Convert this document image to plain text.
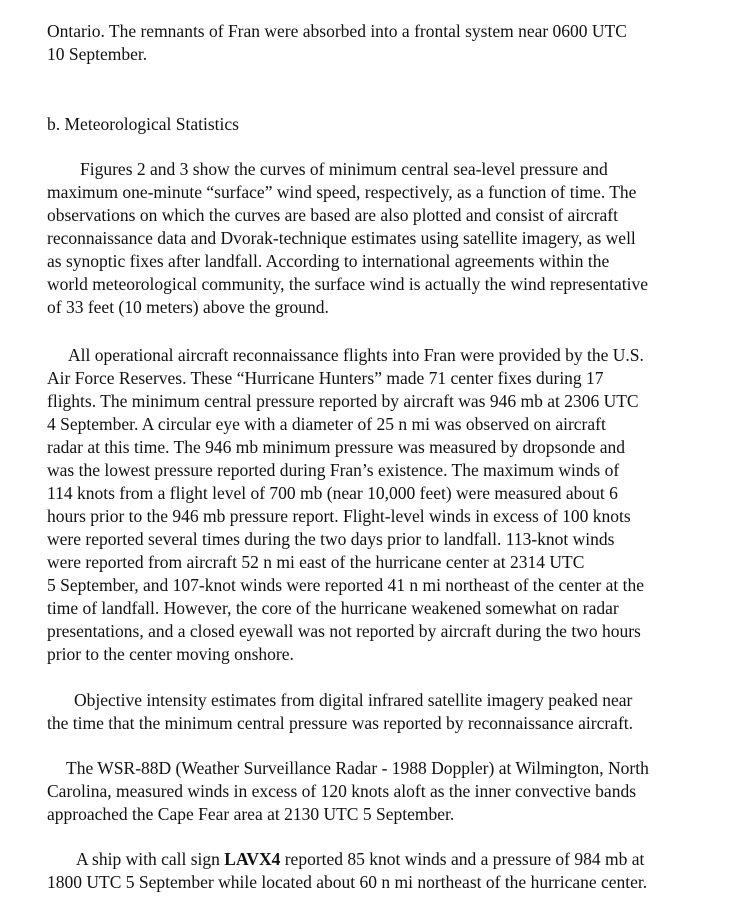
Ontario. The remnants of Fran were absorbed into a frontal system near 0600 UTC
10 September.
b. Meteorological Statistics
Figures 2 and 3 show the curves of minimum central sea-level pressure and
maximum one-minute “surface” wind speed, respectively, as a function of time. The
observations on which the curves are based are also plotted and consist of aircraft
reconnaissance data and Dvorak-technique estimates using satellite imagery, as well
as synoptic fixes after landfall. According to international agreements within the
world meteorological community, the surface wind is actually the wind representative
of 33 feet (10 meters) above the ground.
All operational aircraft reconnaissance flights into Fran were provided by the U.S.
Air Force Reserves. These “Hurricane Hunters” made 71 center fixes during 17
flights. The minimum central pressure reported by aircraft was 946 mb at 2306 UTC
4 September. A circular eye with a diameter of 25 n mi was observed on aircraft
radar at this time. The 946 mb minimum pressure was measured by dropsonde and
was the lowest pressure reported during Fran’s existence. The maximum winds of
114 knots from a flight level of 700 mb (near 10,000 feet) were measured about 6
hours prior to the 946 mb pressure report. Flight-level winds in excess of 100 knots
were reported several times during the two days prior to landfall. 113-knot winds
were reported from aircraft 52 n mi east of the hurricane center at 2314 UTC
5 September, and 107-knot winds were reported 41 n mi northeast of the center at the
time of landfall. However, the core of the hurricane weakened somewhat on radar
presentations, and a closed eyewall was not reported by aircraft during the two hours
prior to the center moving onshore.
Objective intensity estimates from digital infrared satellite imagery peaked near
the time that the minimum central pressure was reported by reconnaissance aircraft.
The WSR-88D (Weather Surveillance Radar - 1988 Doppler) at Wilmington, North
Carolina, measured winds in excess of 120 knots aloft as the inner convective bands
approached the Cape Fear area at 2130 UTC 5 September.
A ship with call sign LAVX4 reported 85 knot winds and a pressure of 984 mb at
1800 UTC 5 September while located about 60 n mi northeast of the hurricane center.
